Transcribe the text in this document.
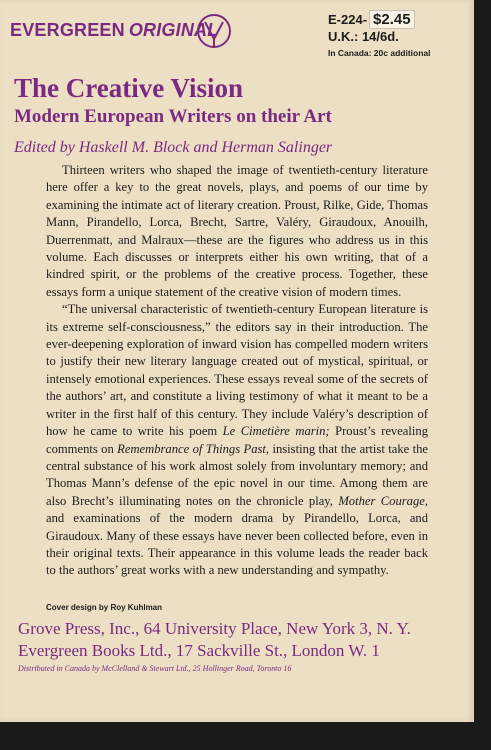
EVERGREEN ORIGINAL
E-224- $2.45
U.K.: 14/6d.
In Canada: 20c additional
The Creative Vision
Modern European Writers on their Art
Edited by Haskell M. Block and Herman Salinger

Thirteen writers who shaped the image of twentieth-century literature here offer a key to the great novels, plays, and poems of our time by examining the intimate act of literary creation. Proust, Rilke, Gide, Thomas Mann, Pirandello, Lorca, Brecht, Sartre, Valéry, Giraudoux, Anouilh, Duerrenmatt, and Malraux—these are the figures who address us in this volume. Each discusses or interprets either his own writing, that of a kindred spirit, or the problems of the creative process. Together, these essays form a unique statement of the creative vision of modern times.

“The universal characteristic of twentieth-century European literature is its extreme self-consciousness,” the editors say in their introduction. The ever-deepening exploration of inward vision has compelled modern writers to justify their new literary language created out of mystical, spiritual, or intensely emotional experiences. These essays reveal some of the secrets of the authors’ art, and constitute a living testimony of what it meant to be a writer in the first half of this century. They include Valéry’s description of how he came to write his poem Le Cimetière marin; Proust’s revealing comments on Remembrance of Things Past, insisting that the artist take the central substance of his work almost solely from involuntary memory; and Thomas Mann’s defense of the epic novel in our time. Among them are also Brecht’s illuminating notes on the chronicle play, Mother Courage, and examinations of the modern drama by Pirandello, Lorca, and Giraudoux. Many of these essays have never been collected before, even in their original texts. Their appearance in this volume leads the reader back to the authors’ great works with a new understanding and sympathy.

Cover design by Roy Kuhlman

Grove Press, Inc., 64 University Place, New York 3, N. Y.

Evergreen Books Ltd., 17 Sackville St., London W. 1

Distributed in Canada by McClelland & Stewart Ltd., 25 Hollinger Road, Toronto 16
